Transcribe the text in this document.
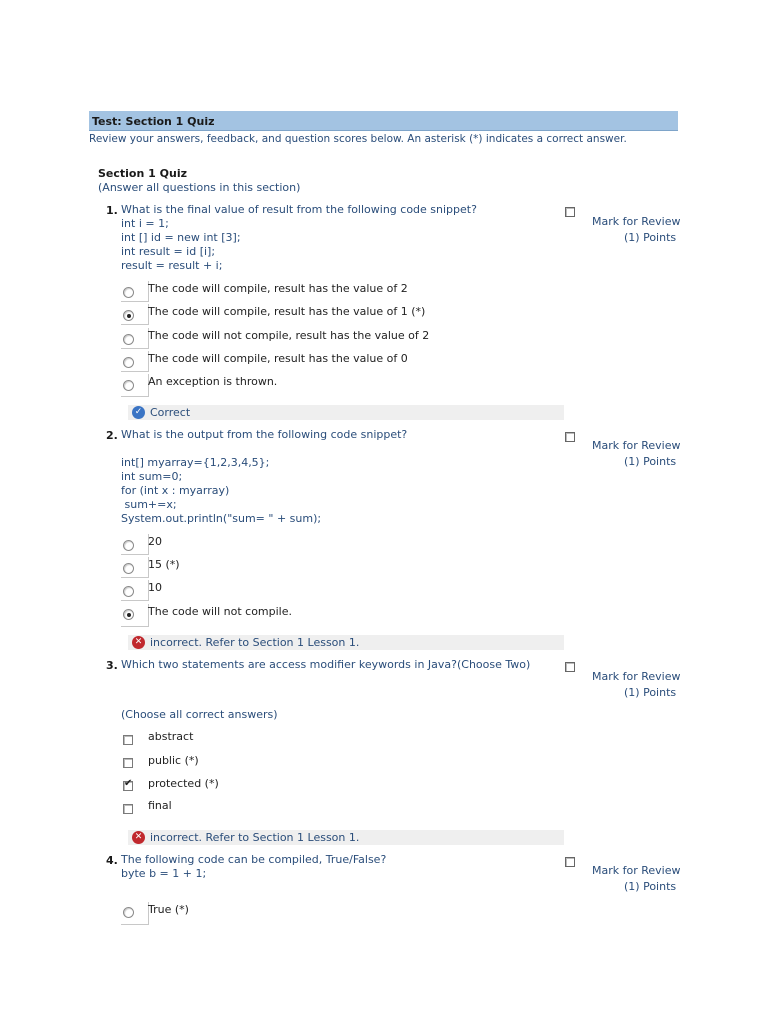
Test: Section 1 Quiz
Review your answers, feedback, and question scores below. An asterisk (*) indicates a correct answer.
Section 1 Quiz
(Answer all questions in this section)
1. What is the final value of result from the following code snippet?
int i = 1;
int [] id = new int [3];
int result = id [i];
result = result + i;
Mark for Review
(1) Points
The code will compile, result has the value of 2
The code will compile, result has the value of 1 (*)
The code will not compile, result has the value of 2
The code will compile, result has the value of 0
An exception is thrown.
✓ Correct
2. What is the output from the following code snippet?

int[] myarray={1,2,3,4,5};
int sum=0;
for (int x : myarray)
sum+=x;
System.out.println("sum= " + sum);
Mark for Review
(1) Points
20
15 (*)
10
The code will not compile.
✕ incorrect. Refer to Section 1 Lesson 1.
3. Which two statements are access modifier keywords in Java?(Choose Two)
Mark for Review
(1) Points
(Choose all correct answers)
abstract
public (*)
✔
protected (*)
final
✕ incorrect. Refer to Section 1 Lesson 1.
4. The following code can be compiled, True/False?
byte b = 1 + 1;	Mark for Review
(1) Points
True (*)
